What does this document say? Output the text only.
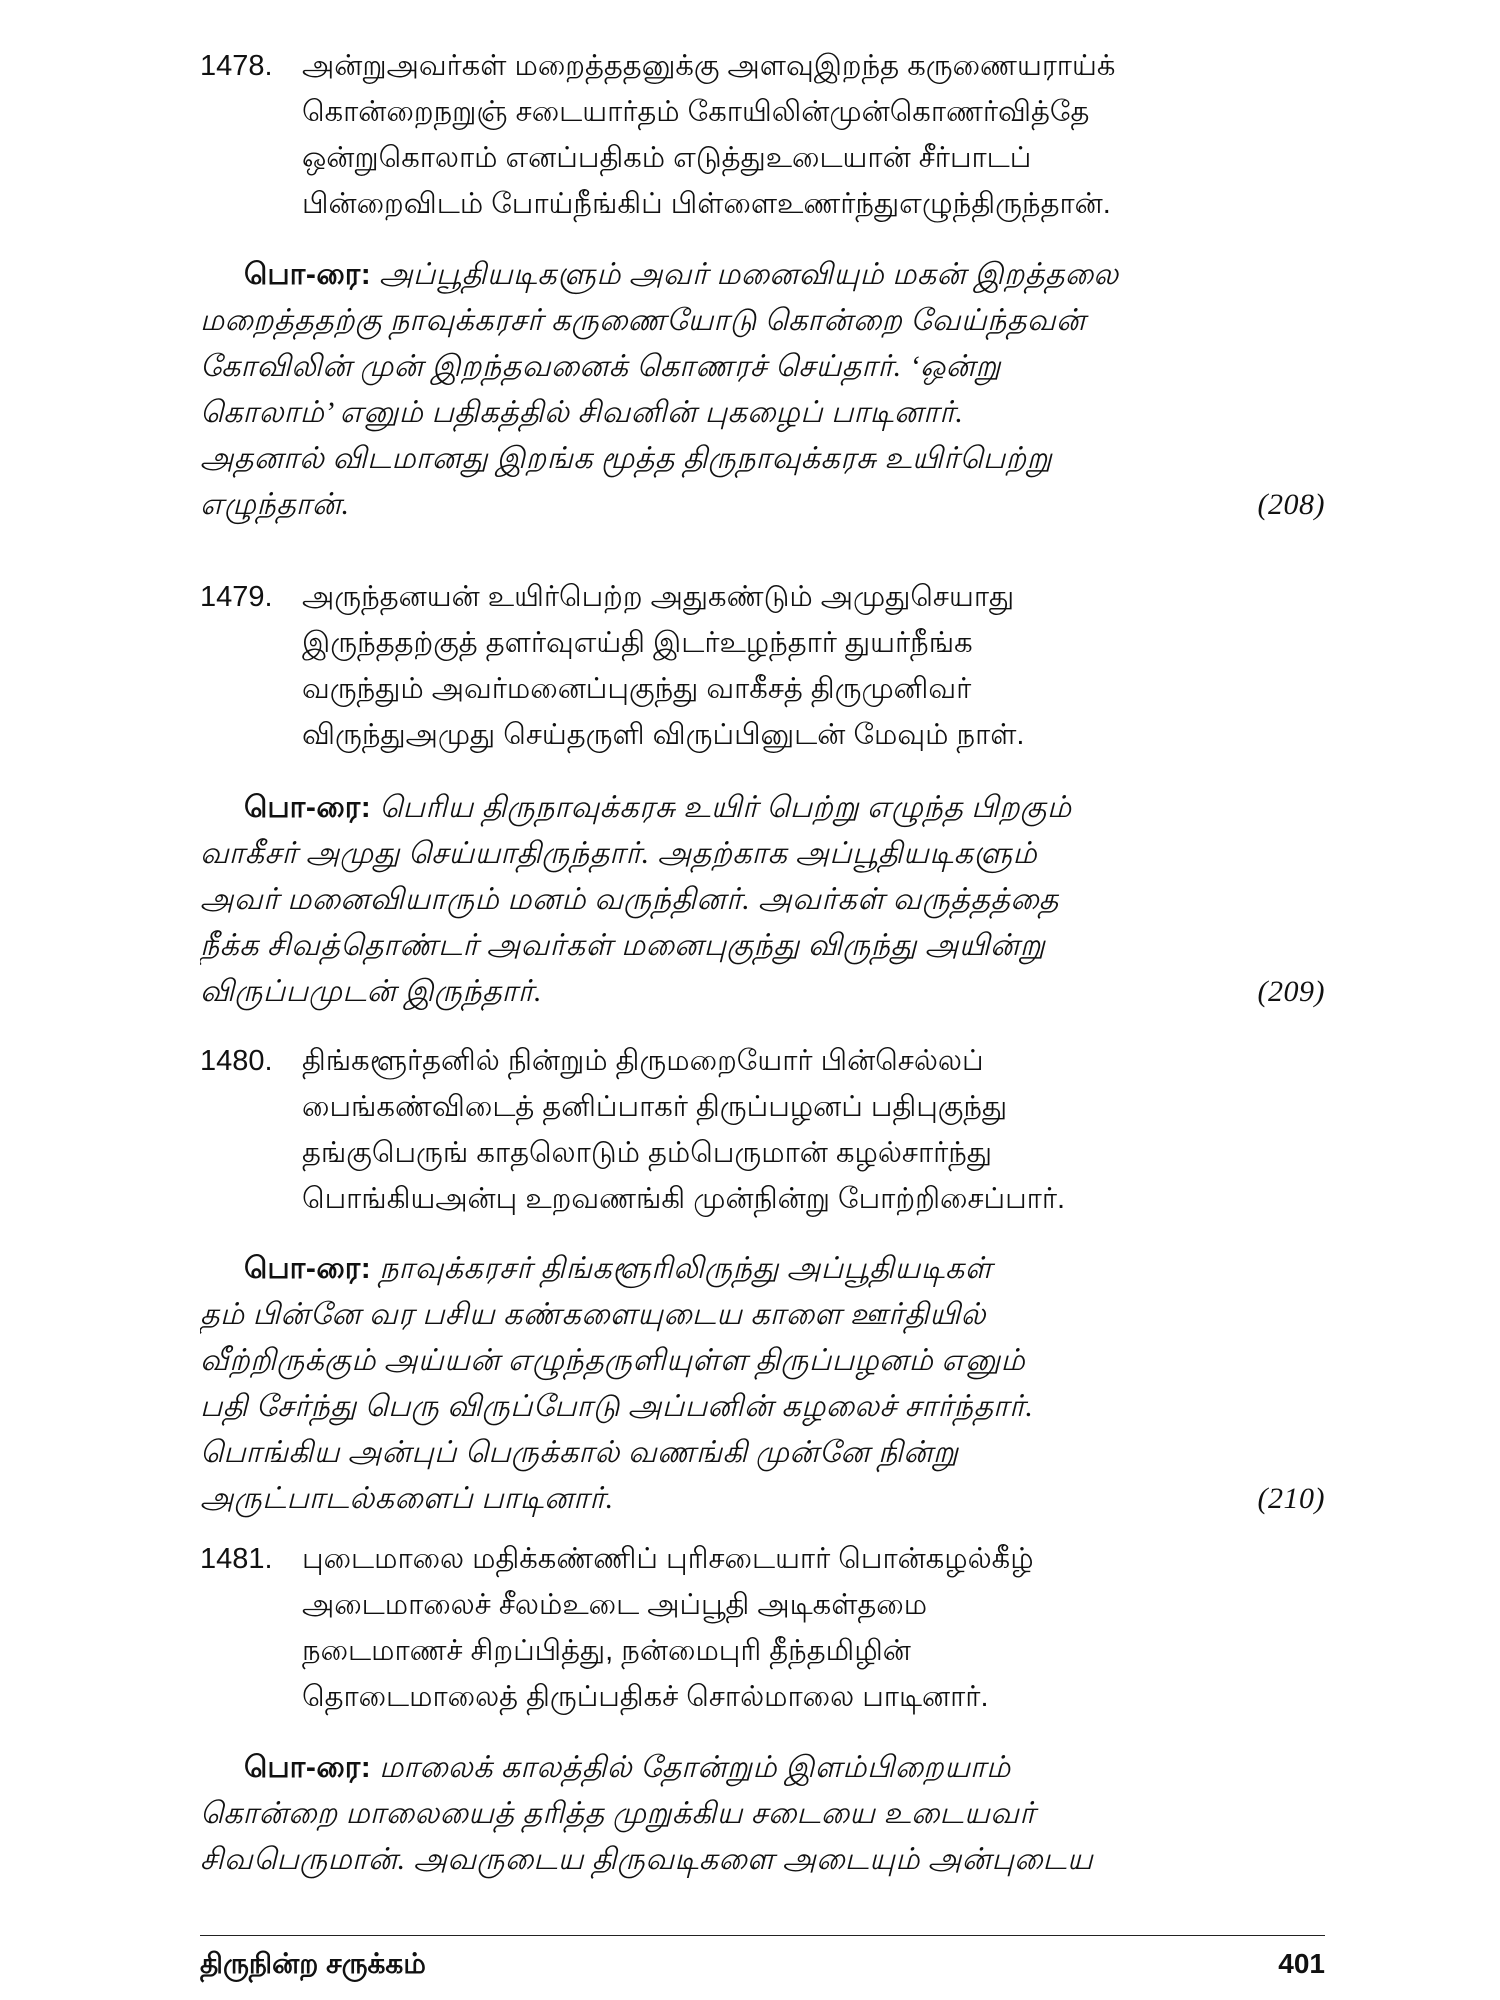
1478. அன்றுஅவர்கள் மறைத்ததனுக்கு அளவுஇறந்த கருணையராய்க்
கொன்றைநறுஞ் சடையார்தம் கோயிலின்முன்கொணர்வித்தே
ஒன்றுகொலாம் எனப்பதிகம் எடுத்துஉடையான் சீர்பாடப்
பின்றைவிடம் போய்நீங்கிப் பிள்ளைஉணர்ந்துஎழுந்திருந்தான்.
பொ-ரை: அப்பூதியடிகளும் அவர் மனைவியும் மகன் இறத்தலை
மறைத்ததற்கு நாவுக்கரசர் கருணையோடு கொன்றை வேய்ந்தவன்
கோவிலின் முன் இறந்தவனைக் கொணரச் செய்தார். ‘ஒன்று
கொலாம்’ எனும் பதிகத்தில் சிவனின் புகழைப் பாடினார்.
அதனால் விடமானது இறங்க மூத்த திருநாவுக்கரசு உயிர்பெற்று
எழுந்தான்.	(208)
1479. அருந்தனயன் உயிர்பெற்ற அதுகண்டும் அமுதுசெயாது
இருந்ததற்குத் தளர்வுஎய்தி இடர்உழந்தார் துயர்நீங்க
வருந்தும் அவர்மனைப்புகுந்து வாகீசத் திருமுனிவர்
விருந்துஅமுது செய்தருளி விருப்பினுடன் மேவும் நாள்.
பொ-ரை: பெரிய திருநாவுக்கரசு உயிர் பெற்று எழுந்த பிறகும்
வாகீசர் அமுது செய்யாதிருந்தார். அதற்காக அப்பூதியடிகளும்
அவர் மனைவியாரும் மனம் வருந்தினர். அவர்கள் வருத்தத்தை
நீக்க சிவத்தொண்டர் அவர்கள் மனைபுகுந்து விருந்து அயின்று
விருப்பமுடன் இருந்தார்.	(209)
1480. திங்களூர்தனில் நின்றும் திருமறையோர் பின்செல்லப்
பைங்கண்விடைத் தனிப்பாகர் திருப்பழனப் பதிபுகுந்து
தங்குபெருங் காதலொடும் தம்பெருமான் கழல்சார்ந்து
பொங்கியஅன்பு உறவணங்கி முன்நின்று போற்றிசைப்பார்.
பொ-ரை: நாவுக்கரசர் திங்களூரிலிருந்து அப்பூதியடிகள்
தம் பின்னே வர பசிய கண்களையுடைய காளை ஊர்தியில்
வீற்றிருக்கும் அய்யன் எழுந்தருளியுள்ள திருப்பழனம் எனும்
பதி சேர்ந்து பெரு விருப்போடு அப்பனின் கழலைச் சார்ந்தார்.
பொங்கிய அன்புப் பெருக்கால் வணங்கி முன்னே நின்று
அருட்பாடல்களைப் பாடினார்.	(210)
1481. புடைமாலை மதிக்கண்ணிப் புரிசடையார் பொன்கழல்கீழ்
அடைமாலைச் சீலம்உடை அப்பூதி அடிகள்தமை
நடைமாணச் சிறப்பித்து, நன்மைபுரி தீந்தமிழின்
தொடைமாலைத் திருப்பதிகச் சொல்மாலை பாடினார்.
பொ-ரை: மாலைக் காலத்தில் தோன்றும் இளம்பிறையாம்
கொன்றை மாலையைத் தரித்த முறுக்கிய சடையை உடையவர்
சிவபெருமான். அவருடைய திருவடிகளை அடையும் அன்புடைய
திருநின்ற சருக்கம்	401
